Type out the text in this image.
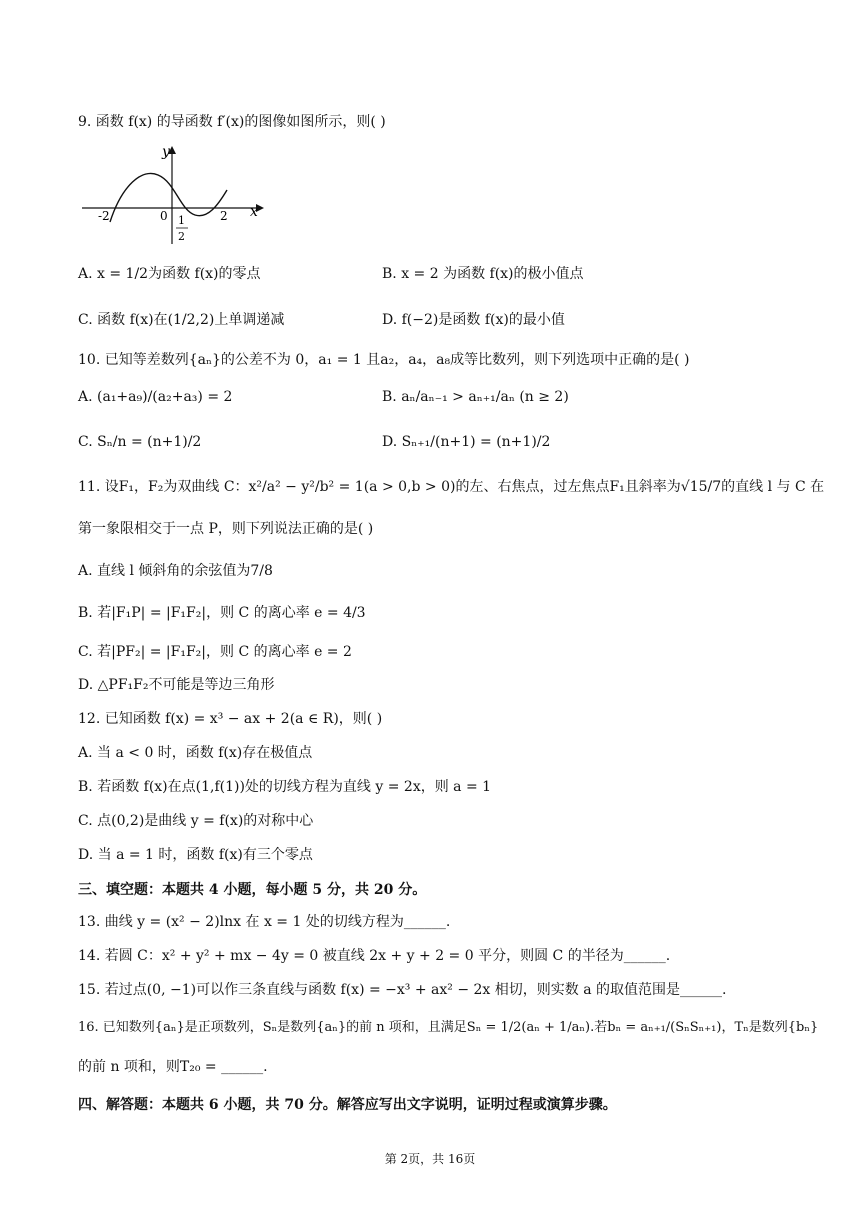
9. 函数 f(x) 的导函数 f′(x)的图像如图所示，则( )
y
x
-2	0	2
1
2
A. x = 1/2为函数 f(x)的零点	B. x = 2 为函数 f(x)的极小值点
C. 函数 f(x)在(1/2,2)上单调递减	D. f(−2)是函数 f(x)的最小值
10. 已知等差数列{aₙ}的公差不为 0，a₁ = 1 且a₂，a₄，a₈成等比数列，则下列选项中正确的是( )
A. (a₁+a₉)/(a₂+a₃) = 2	B. aₙ/aₙ₋₁ > aₙ₊₁/aₙ (n ≥ 2)
C. Sₙ/n = (n+1)/2	D. Sₙ₊₁/(n+1) = (n+1)/2
11. 设F₁，F₂为双曲线 C：x²/a² − y²/b² = 1(a > 0,b > 0)的左、右焦点，过左焦点F₁且斜率为√15/7的直线 l 与 C 在
第一象限相交于一点 P，则下列说法正确的是( )
A. 直线 l 倾斜角的余弦值为7/8
B. 若|F₁P| = |F₁F₂|，则 C 的离心率 e = 4/3
C. 若|PF₂| = |F₁F₂|，则 C 的离心率 e = 2
D. △PF₁F₂不可能是等边三角形
12. 已知函数 f(x) = x³ − ax + 2(a ∈ R)，则( )
A. 当 a < 0 时，函数 f(x)存在极值点
B. 若函数 f(x)在点(1,f(1))处的切线方程为直线 y = 2x，则 a = 1
C. 点(0,2)是曲线 y = f(x)的对称中心
D. 当 a = 1 时，函数 f(x)有三个零点
三、填空题：本题共 4 小题，每小题 5 分，共 20 分。
13. 曲线 y = (x² − 2)lnx 在 x = 1 处的切线方程为______.
14. 若圆 C：x² + y² + mx − 4y = 0 被直线 2x + y + 2 = 0 平分，则圆 C 的半径为______.
15. 若过点(0, −1)可以作三条直线与函数 f(x) = −x³ + ax² − 2x 相切，则实数 a 的取值范围是______.
16. 已知数列{aₙ}是正项数列，Sₙ是数列{aₙ}的前 n 项和，且满足Sₙ = 1/2(aₙ + 1/aₙ).若bₙ = aₙ₊₁/(SₙSₙ₊₁)，Tₙ是数列{bₙ}
的前 n 项和，则T₂₀ = ______.
四、解答题：本题共 6 小题，共 70 分。解答应写出文字说明，证明过程或演算步骤。
第 2页，共 16页
